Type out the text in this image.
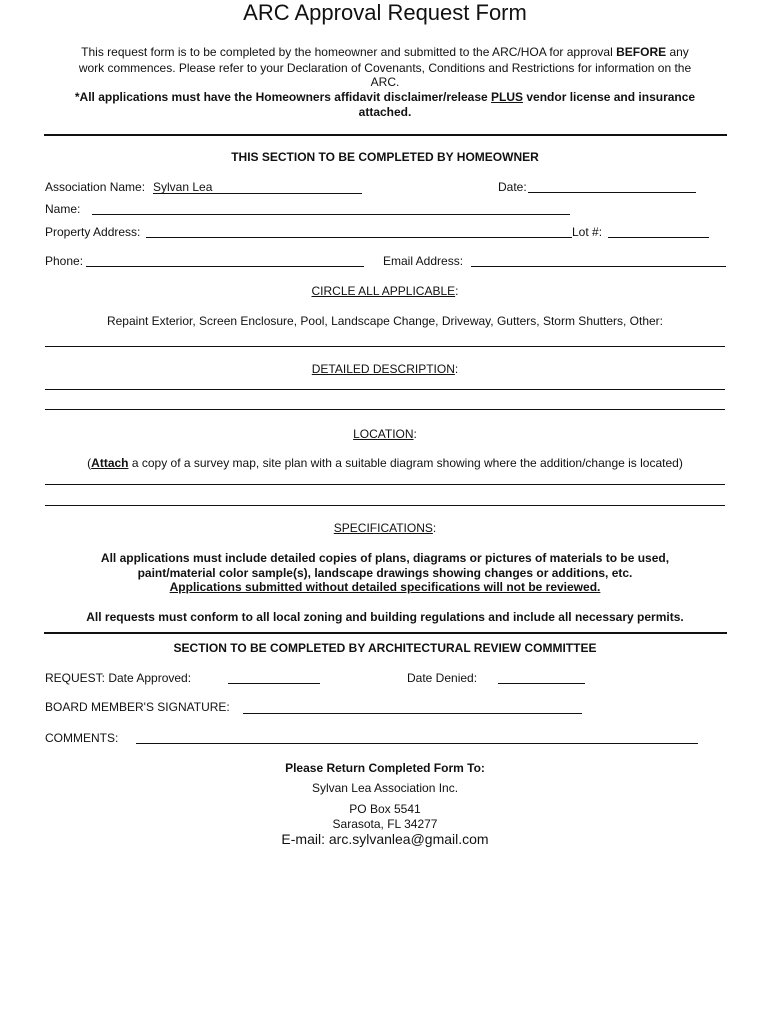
ARC Approval Request Form
This request form is to be completed by the homeowner and submitted to the ARC/HOA for approval BEFORE any
work commences. Please refer to your Declaration of Covenants, Conditions and Restrictions for information on the
ARC.
*All applications must have the Homeowners affidavit disclaimer/release PLUS vendor license and insurance
attached.
THIS SECTION TO BE COMPLETED BY HOMEOWNER
Association Name: Sylvan Lea	Date:
Name:
Property Address:	Lot #:
Phone:	Email Address:
CIRCLE ALL APPLICABLE:
Repaint Exterior, Screen Enclosure, Pool, Landscape Change, Driveway, Gutters, Storm Shutters, Other:
DETAILED DESCRIPTION:
LOCATION:
(Attach a copy of a survey map, site plan with a suitable diagram showing where the addition/change is located)
SPECIFICATIONS:
All applications must include detailed copies of plans, diagrams or pictures of materials to be used,
paint/material color sample(s), landscape drawings showing changes or additions, etc.
Applications submitted without detailed specifications will not be reviewed.
All requests must conform to all local zoning and building regulations and include all necessary permits.
SECTION TO BE COMPLETED BY ARCHITECTURAL REVIEW COMMITTEE
REQUEST: Date Approved:	Date Denied:
BOARD MEMBER'S SIGNATURE:
COMMENTS:
Please Return Completed Form To:
Sylvan Lea Association Inc.
PO Box 5541
Sarasota, FL 34277
E-mail: arc.sylvanlea@gmail.com
